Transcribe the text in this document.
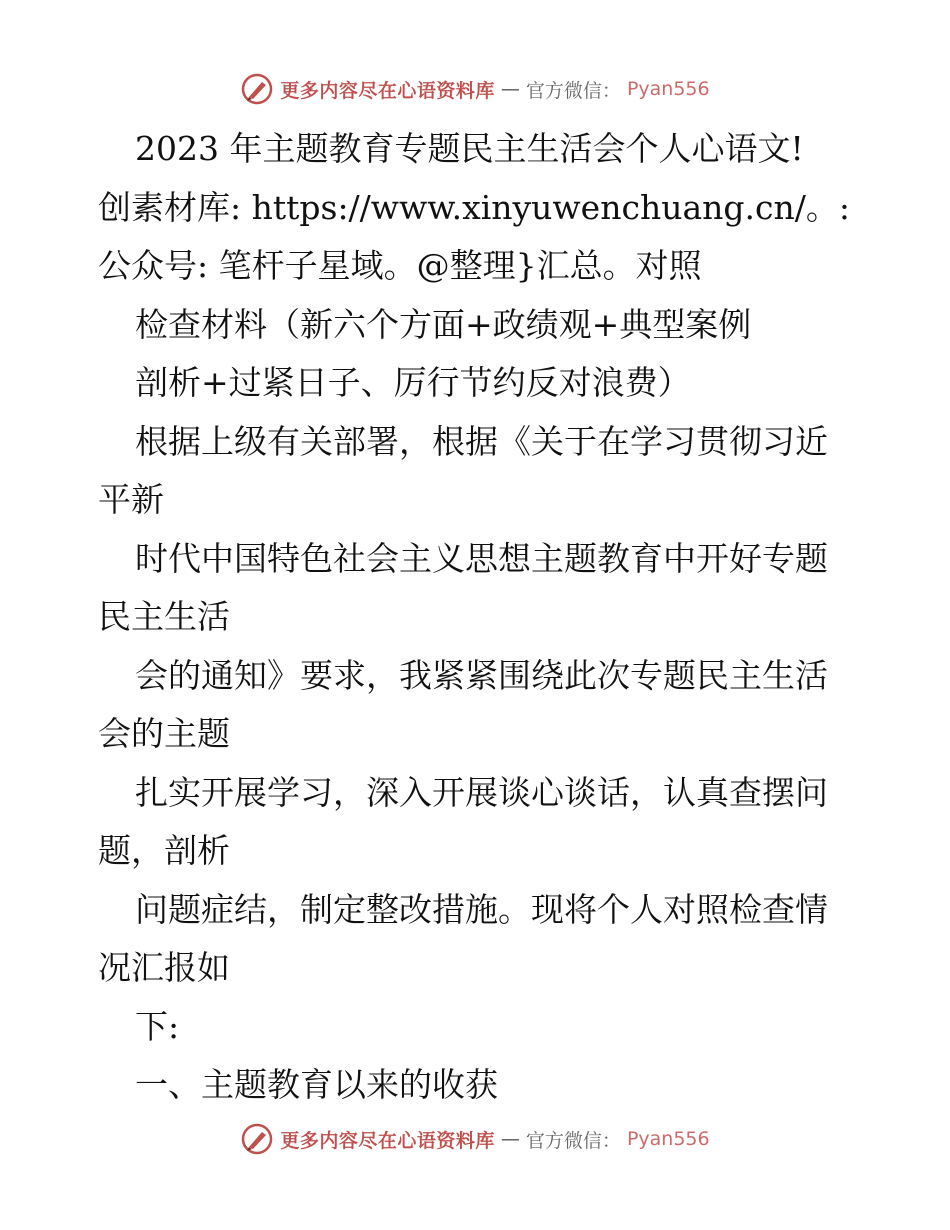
更多内容尽在心语资料库 — 官方微信： Pyan556
2023 年主题教育专题民主生活会个人心语文!
创素材库: https://www.xinyuwenchuang.cn/。:
公众号: 笔杆子星域。@整理}汇总。对照
检查材料（新六个方面+政绩观+典型案例
剖析+过紧日子、厉行节约反对浪费）
根据上级有关部署，根据《关于在学习贯彻习近
平新
时代中国特色社会主义思想主题教育中开好专题
民主生活
会的通知》要求，我紧紧围绕此次专题民主生活
会的主题
扎实开展学习，深入开展谈心谈话，认真查摆问
题，剖析
问题症结，制定整改措施。现将个人对照检查情
况汇报如
下:
一、主题教育以来的收获
更多内容尽在心语资料库 — 官方微信： Pyan556
